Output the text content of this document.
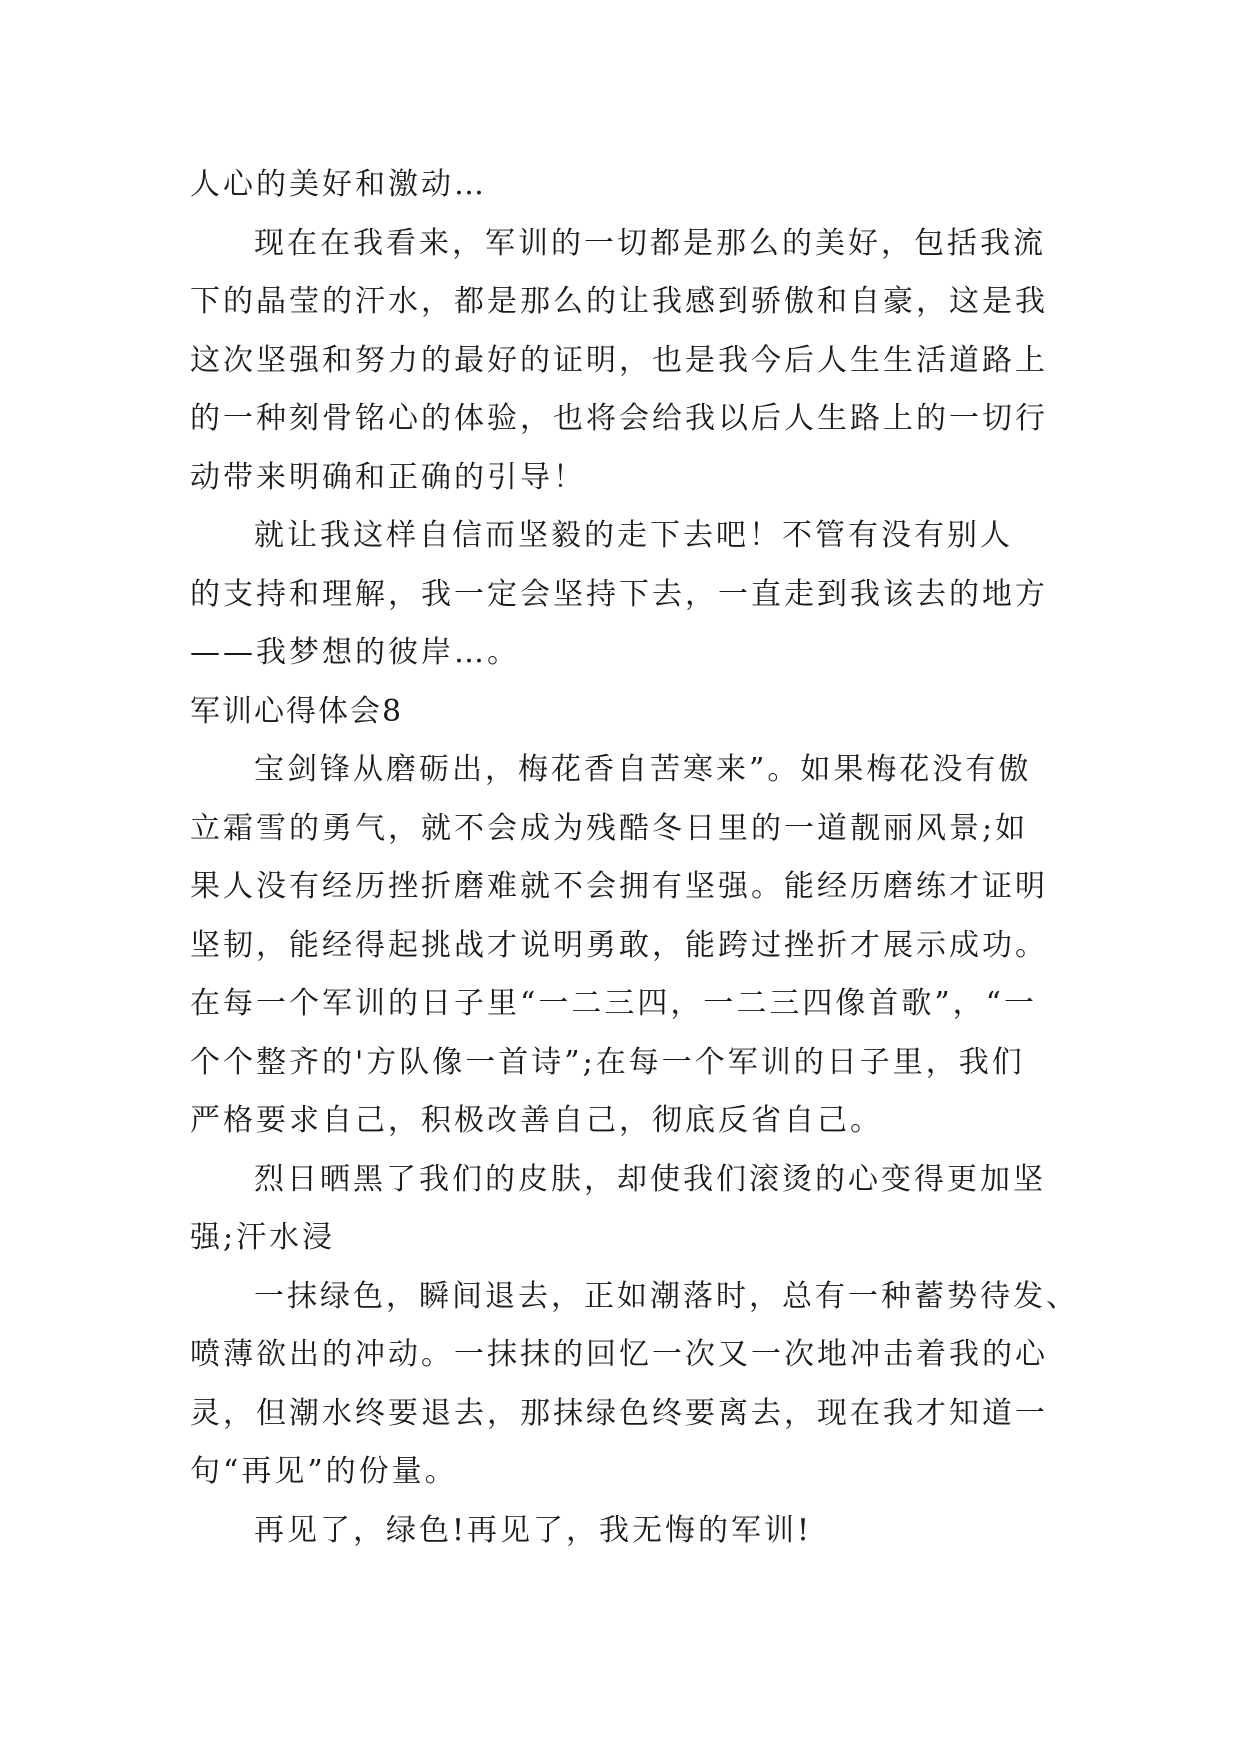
人心的美好和激动…
现在在我看来，军训的一切都是那么的美好，包括我流
下的晶莹的汗水，都是那么的让我感到骄傲和自豪，这是我
这次坚强和努力的最好的证明，也是我今后人生生活道路上
的一种刻骨铭心的体验，也将会给我以后人生路上的一切行
动带来明确和正确的引导！
就让我这样自信而坚毅的走下去吧！不管有没有别人
的支持和理解，我一定会坚持下去，一直走到我该去的地方
——我梦想的彼岸…。
军训心得体会8
宝剑锋从磨砺出，梅花香自苦寒来”。如果梅花没有傲
立霜雪的勇气，就不会成为残酷冬日里的一道靓丽风景;如
果人没有经历挫折磨难就不会拥有坚强。能经历磨练才证明
坚韧，能经得起挑战才说明勇敢，能跨过挫折才展示成功。
在每一个军训的日子里“一二三四，一二三四像首歌”，“一
个个整齐的'方队像一首诗”;在每一个军训的日子里，我们
严格要求自己，积极改善自己，彻底反省自己。
烈日晒黑了我们的皮肤，却使我们滚烫的心变得更加坚
强;汗水浸
一抹绿色，瞬间退去，正如潮落时，总有一种蓄势待发、
喷薄欲出的冲动。一抹抹的回忆一次又一次地冲击着我的心
灵，但潮水终要退去，那抹绿色终要离去，现在我才知道一
句“再见”的份量。
再见了，绿色!再见了，我无悔的军训!
